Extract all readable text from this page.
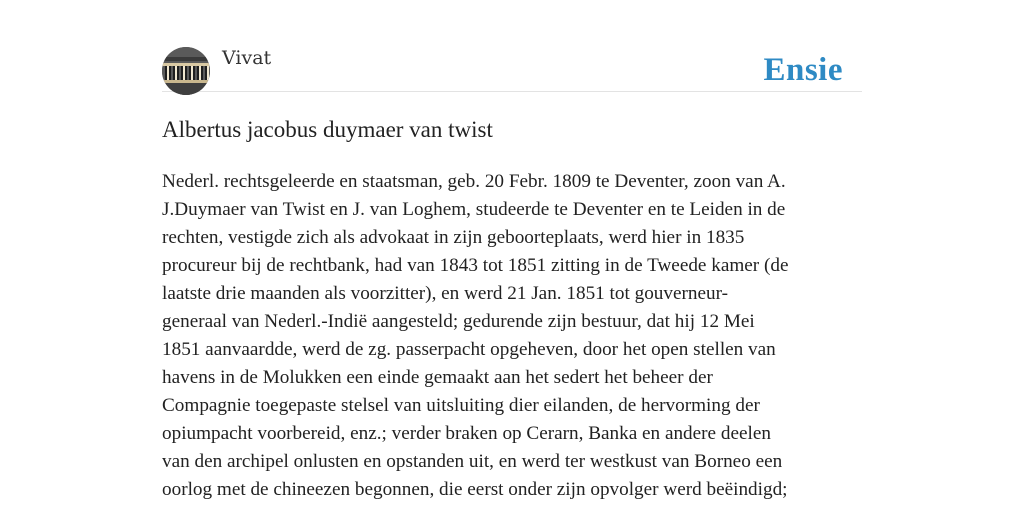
Vivat	Ensie
Albertus jacobus duymaer van twist
Nederl. rechtsgeleerde en staatsman, geb. 20 Febr. 1809 te Deventer, zoon van A.
J.Duymaer van Twist en J. van Loghem, studeerde te Deventer en te Leiden in de
rechten, vestigde zich als advokaat in zijn geboorteplaats, werd hier in 1835
procureur bij de rechtbank, had van 1843 tot 1851 zitting in de Tweede kamer (de
laatste drie maanden als voorzitter), en werd 21 Jan. 1851 tot gouverneur-
generaal van Nederl.-Indië aangesteld; gedurende zijn bestuur, dat hij 12 Mei
1851 aanvaardde, werd de zg. passerpacht opgeheven, door het open stellen van
havens in de Molukken een einde gemaakt aan het sedert het beheer der
Compagnie toegepaste stelsel van uitsluiting dier eilanden, de hervorming der
opiumpacht voorbereid, enz.; verder braken op Cerarn, Banka en andere deelen
van den archipel onlusten en opstanden uit, en werd ter westkust van Borneo een
oorlog met de chineezen begonnen, die eerst onder zijn opvolger werd beëindigd;
